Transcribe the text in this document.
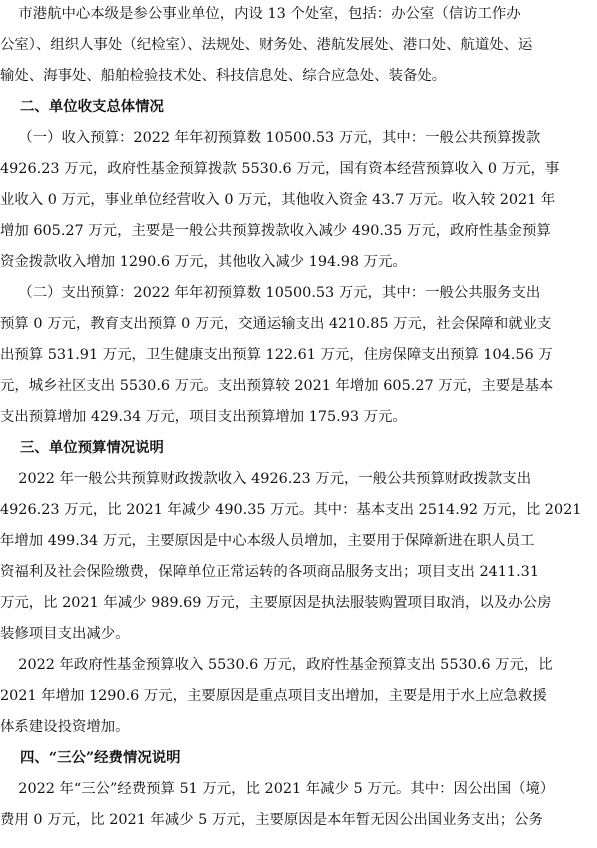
市港航中心本级是参公事业单位，内设 13 个处室，包括：办公室（信访工作办
公室）、组织人事处（纪检室）、法规处、财务处、港航发展处、港口处、航道处、运
输处、海事处、船舶检验技术处、科技信息处、综合应急处、装备处。
二、单位收支总体情况
（一）收入预算：2022 年年初预算数 10500.53 万元，其中：一般公共预算拨款
4926.23 万元，政府性基金预算拨款 5530.6 万元，国有资本经营预算收入 0 万元，事
业收入 0 万元，事业单位经营收入 0 万元，其他收入资金 43.7 万元。收入较 2021 年
增加 605.27 万元，主要是一般公共预算拨款收入减少 490.35 万元，政府性基金预算
资金拨款收入增加 1290.6 万元，其他收入减少 194.98 万元。
（二）支出预算：2022 年年初预算数 10500.53 万元，其中：一般公共服务支出
预算 0 万元，教育支出预算 0 万元，交通运输支出 4210.85 万元，社会保障和就业支
出预算 531.91 万元，卫生健康支出预算 122.61 万元，住房保障支出预算 104.56 万
元，城乡社区支出 5530.6 万元。支出预算较 2021 年增加 605.27 万元，主要是基本
支出预算增加 429.34 万元，项目支出预算增加 175.93 万元。
三、单位预算情况说明
2022 年一般公共预算财政拨款收入 4926.23 万元，一般公共预算财政拨款支出
4926.23 万元，比 2021 年减少 490.35 万元。其中：基本支出 2514.92 万元，比 2021
年增加 499.34 万元，主要原因是中心本级人员增加，主要用于保障新进在职人员工
资福利及社会保险缴费，保障单位正常运转的各项商品服务支出；项目支出 2411.31
万元，比 2021 年减少 989.69 万元，主要原因是执法服装购置项目取消，以及办公房
装修项目支出减少。
2022 年政府性基金预算收入 5530.6 万元，政府性基金预算支出 5530.6 万元，比
2021 年增加 1290.6 万元，主要原因是重点项目支出增加，主要是用于水上应急救援
体系建设投资增加。
四、“三公”经费情况说明
2022 年“三公”经费预算 51 万元，比 2021 年减少 5 万元。其中：因公出国（境）
费用 0 万元，比 2021 年减少 5 万元，主要原因是本年暂无因公出国业务支出；公务
